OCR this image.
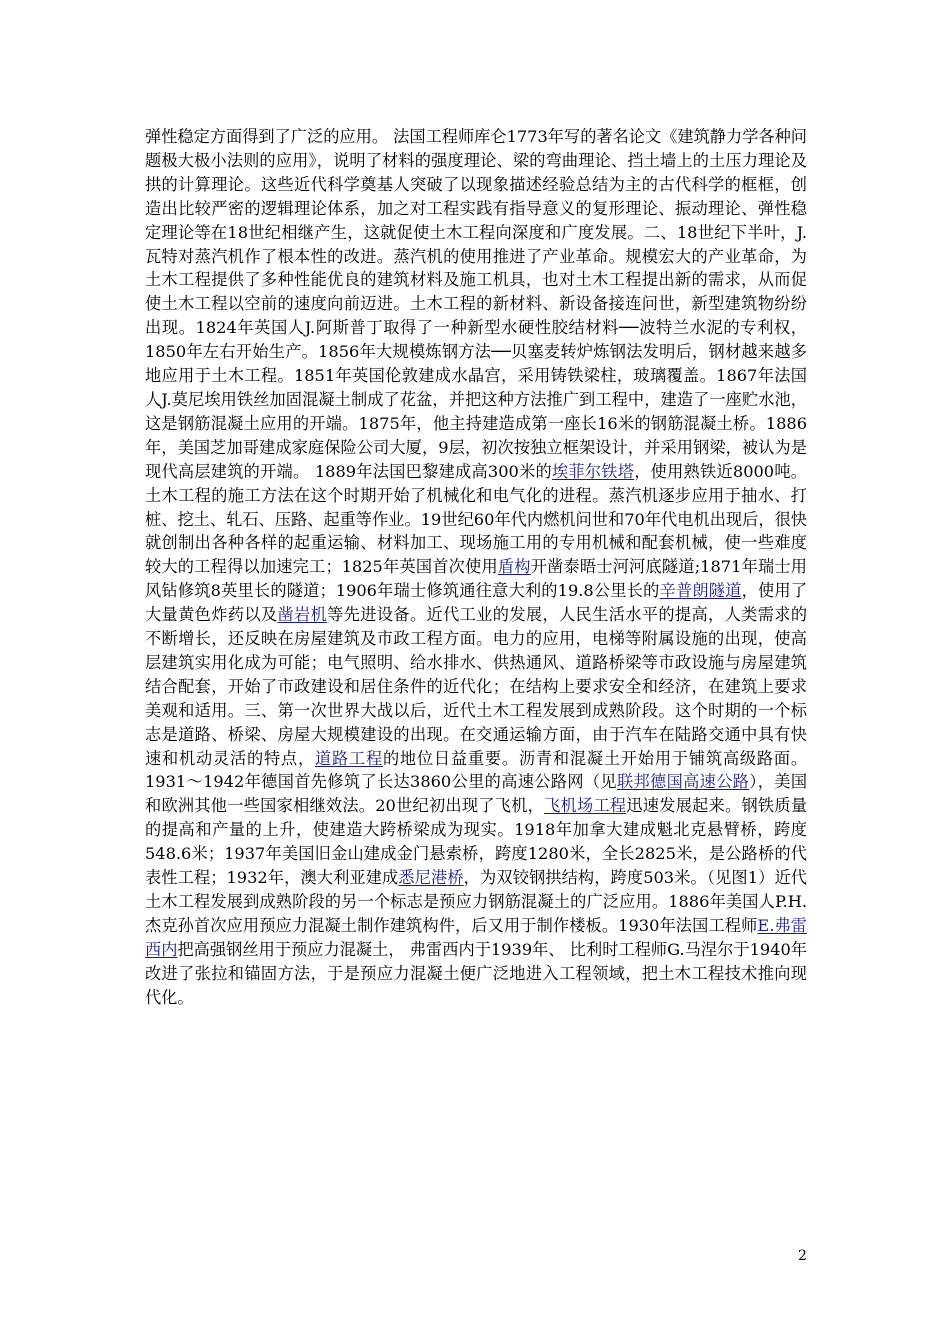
弹性稳定方面得到了广泛的应用。 法国工程师库仑1773年写的著名论文《建筑静力学各种问题极大极小法则的应用》，说明了材料的强度理论、梁的弯曲理论、挡土墙上的土压力理论及拱的计算理论。这些近代科学奠基人突破了以现象描述经验总结为主的古代科学的框框，创造出比较严密的逻辑理论体系，加之对工程实践有指导意义的复形理论、振动理论、弹性稳定理论等在18世纪相继产生，这就促使土木工程向深度和广度发展。二、18世纪下半叶，J.瓦特对蒸汽机作了根本性的改进。蒸汽机的使用推进了产业革命。规模宏大的产业革命，为土木工程提供了多种性能优良的建筑材料及施工机具，也对土木工程提出新的需求，从而促使土木工程以空前的速度向前迈进。土木工程的新材料、新设备接连问世，新型建筑物纷纷出现。1824年英国人J.阿斯普丁取得了一种新型水硬性胶结材料──波特兰水泥的专利权，1850年左右开始生产。1856年大规模炼钢方法──贝塞麦转炉炼钢法发明后，钢材越来越多地应用于土木工程。1851年英国伦敦建成水晶宫，采用铸铁梁柱，玻璃覆盖。1867年法国人J.莫尼埃用铁丝加固混凝土制成了花盆，并把这种方法推广到工程中，建造了一座贮水池，这是钢筋混凝土应用的开端。1875年，他主持建造成第一座长16米的钢筋混凝土桥。1886年，美国芝加哥建成家庭保险公司大厦，9层，初次按独立框架设计，并采用钢梁，被认为是现代高层建筑的开端。 1889年法国巴黎建成高300米的埃菲尔铁塔，使用熟铁近8000吨。土木工程的施工方法在这个时期开始了机械化和电气化的进程。蒸汽机逐步应用于抽水、打桩、挖土、轧石、压路、起重等作业。19世纪60年代内燃机问世和70年代电机出现后，很快就创制出各种各样的起重运输、材料加工、现场施工用的专用机械和配套机械，使一些难度较大的工程得以加速完工；1825年英国首次使用盾构开凿泰晤士河河底隧道;1871年瑞士用风钻修筑8英里长的隧道；1906年瑞士修筑通往意大利的19.8公里长的辛普朗隧道，使用了大量黄色炸药以及凿岩机等先进设备。近代工业的发展，人民生活水平的提高，人类需求的不断增长，还反映在房屋建筑及市政工程方面。电力的应用，电梯等附属设施的出现，使高层建筑实用化成为可能；电气照明、给水排水、供热通风、道路桥梁等市政设施与房屋建筑结合配套，开始了市政建设和居住条件的近代化；在结构上要求安全和经济，在建筑上要求美观和适用。三、第一次世界大战以后，近代土木工程发展到成熟阶段。这个时期的一个标志是道路、桥梁、房屋大规模建设的出现。在交通运输方面，由于汽车在陆路交通中具有快速和机动灵活的特点，道路工程的地位日益重要。沥青和混凝土开始用于铺筑高级路面。1931～1942年德国首先修筑了长达3860公里的高速公路网（见联邦德国高速公路），美国和欧洲其他一些国家相继效法。20世纪初出现了飞机，飞机场工程迅速发展起来。钢铁质量的提高和产量的上升，使建造大跨桥梁成为现实。1918年加拿大建成魁北克悬臂桥，跨度548.6米；1937年美国旧金山建成金门悬索桥，跨度1280米，全长2825米，是公路桥的代表性工程；1932年，澳大利亚建成悉尼港桥，为双铰钢拱结构，跨度503米。（见图1）近代土木工程发展到成熟阶段的另一个标志是预应力钢筋混凝土的广泛应用。1886年美国人P.H.杰克孙首次应用预应力混凝土制作建筑构件，后又用于制作楼板。1930年法国工程师E.弗雷西内把高强钢丝用于预应力混凝土， 弗雷西内于1939年、 比利时工程师G.马涅尔于1940年改进了张拉和锚固方法，于是预应力混凝土便广泛地进入工程领域，把土木工程技术推向现代化。

2
